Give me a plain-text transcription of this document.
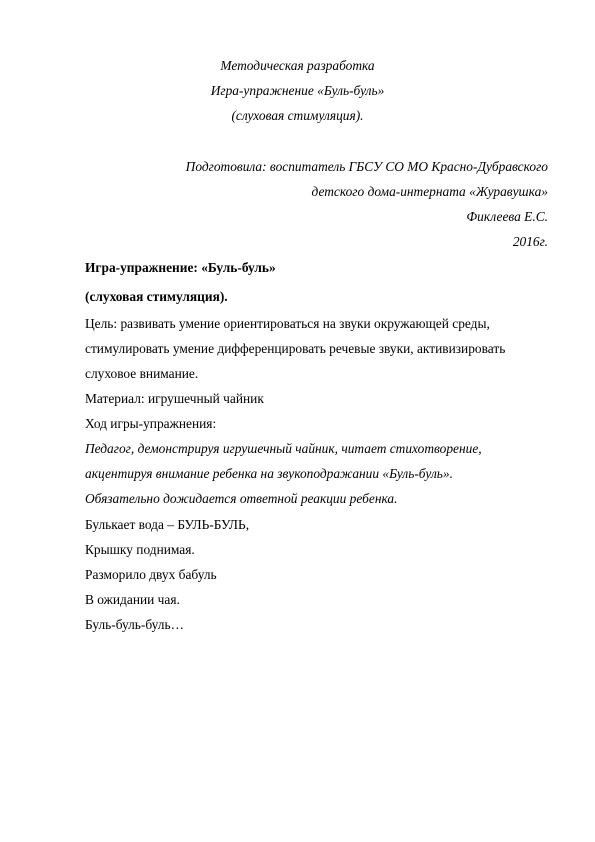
Методическая разработка
Игра-упражнение «Буль-буль»
(слуховая стимуляция).
Подготовила: воспитатель ГБСУ СО МО Красно-Дубравского
детского дома-интерната «Журавушка»
Фиклеева Е.С.
2016г.
Игра-упражнение: «Буль-буль»
(слуховая стимуляция).
Цель: развивать умение ориентироваться на звуки окружающей среды,
стимулировать умение дифференцировать речевые звуки, активизировать
слуховое внимание.
Материал: игрушечный чайник
Ход игры-упражнения:
Педагог, демонстрируя игрушечный чайник, читает стихотворение,
акцентируя внимание ребенка на звукоподражании «Буль-буль».
Обязательно дожидается ответной реакции ребенка.
Булькает вода – БУЛЬ-БУЛЬ,
Крышку поднимая.
Разморило двух бабуль
В ожидании чая.
Буль-буль-буль…
